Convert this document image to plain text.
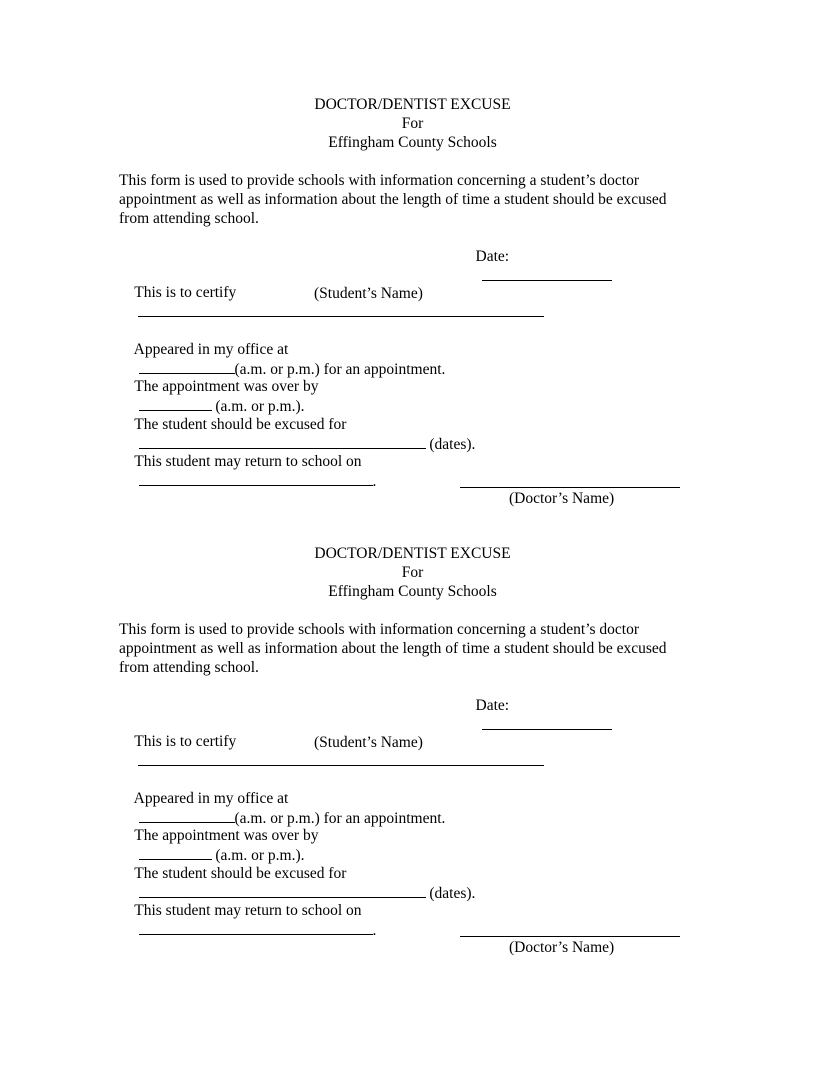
DOCTOR/DENTIST EXCUSE
For
Effingham County Schools
This form is used to provide schools with information concerning a student’s doctor
appointment as well as information about the length of time a student should be excused
from attending school.

Date:

This is to certify

	(Student’s Name)

Appeared in my office at
(a.m. or p.m.) for an appointment.

The appointment was over by
(a.m. or p.m.).

The student should be excused for
(dates).

This student may return to school on
.

(Doctor’s Name)
DOCTOR/DENTIST EXCUSE
For
Effingham County Schools
This form is used to provide schools with information concerning a student’s doctor
appointment as well as information about the length of time a student should be excused
from attending school.

Date:

This is to certify

	(Student’s Name)

Appeared in my office at
(a.m. or p.m.) for an appointment.

The appointment was over by
(a.m. or p.m.).

The student should be excused for
(dates).

This student may return to school on
.

(Doctor’s Name)
